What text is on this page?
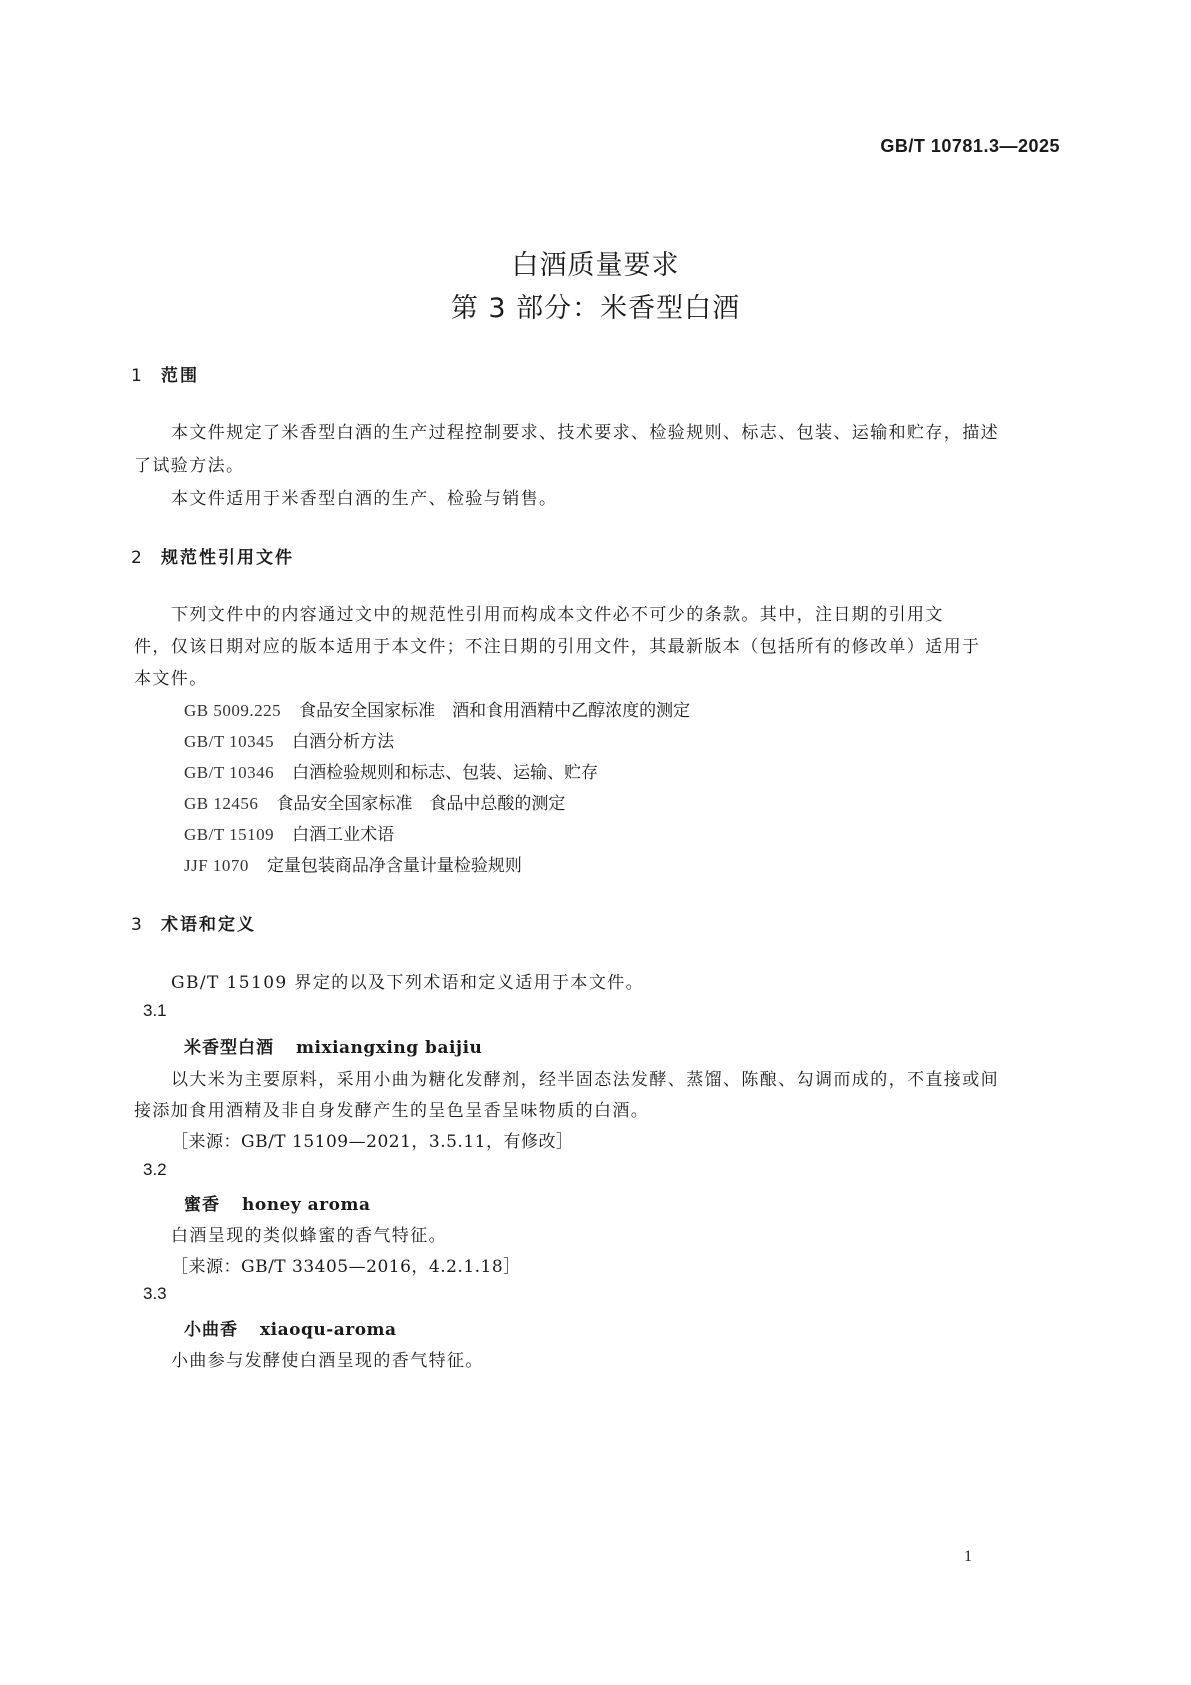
GB/T 10781.3—2025
白酒质量要求
第 3 部分：米香型白酒
1 范围
本文件规定了米香型白酒的生产过程控制要求、技术要求、检验规则、标志、包装、运输和贮存，描述
了试验方法。
本文件适用于米香型白酒的生产、检验与销售。
2 规范性引用文件
下列文件中的内容通过文中的规范性引用而构成本文件必不可少的条款。其中，注日期的引用文
件，仅该日期对应的版本适用于本文件；不注日期的引用文件，其最新版本（包括所有的修改单）适用于
本文件。
GB 5009.225 食品安全国家标准　酒和食用酒精中乙醇浓度的测定
GB/T 10345 白酒分析方法
GB/T 10346 白酒检验规则和标志、包装、运输、贮存
GB 12456 食品安全国家标准　食品中总酸的测定
GB/T 15109 白酒工业术语
JJF 1070 定量包装商品净含量计量检验规则
3 术语和定义
GB/T 15109 界定的以及下列术语和定义适用于本文件。
3.1
米香型白酒 mixiangxing baijiu
以大米为主要原料，采用小曲为糖化发酵剂，经半固态法发酵、蒸馏、陈酿、勾调而成的，不直接或间
接添加食用酒精及非自身发酵产生的呈色呈香呈味物质的白酒。
［来源：GB/T 15109—2021，3.5.11，有修改］
3.2
蜜香 honey aroma
白酒呈现的类似蜂蜜的香气特征。
［来源：GB/T 33405—2016，4.2.1.18］
3.3
小曲香 xiaoqu-aroma
小曲参与发酵使白酒呈现的香气特征。
1
